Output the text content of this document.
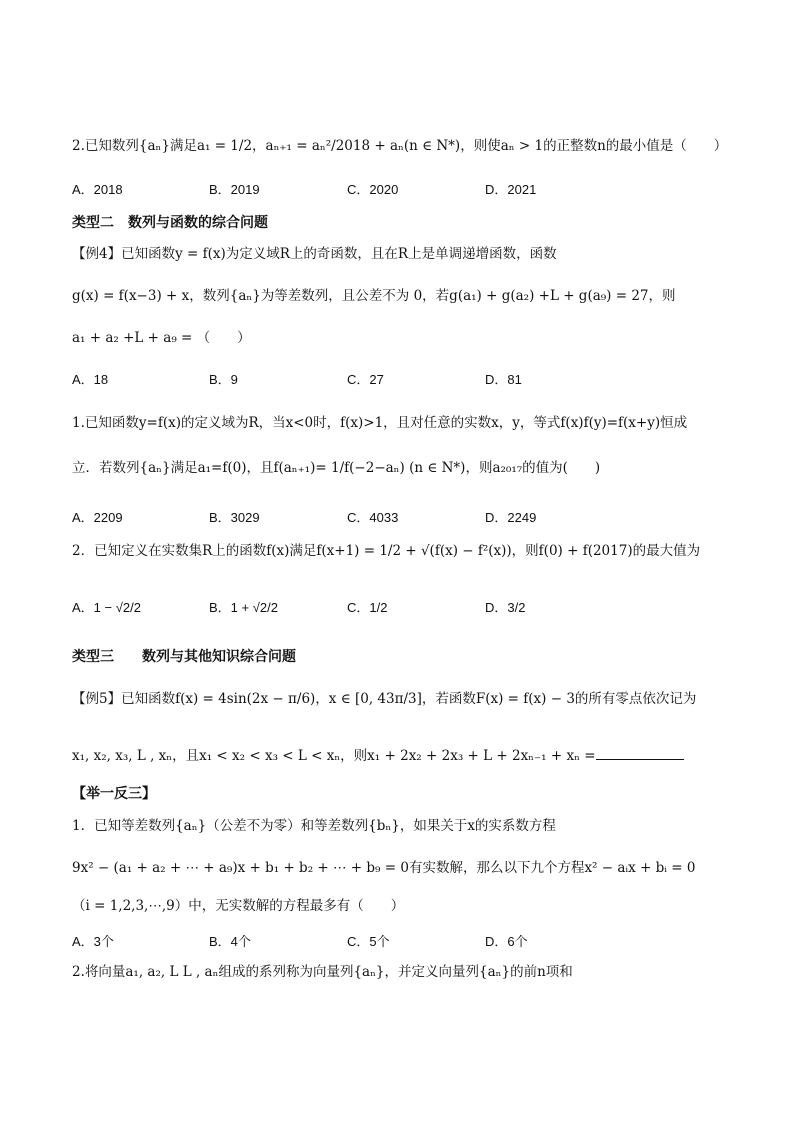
2.已知数列{aₙ}满足a₁ = 1/2，aₙ₊₁ = aₙ²/2018 + aₙ(n ∈ N*)，则使aₙ > 1的正整数n的最小值是（　　）
A．2018	B．2019	C．2020	D．2021
类型二　数列与函数的综合问题
【例4】已知函数y = f(x)为定义域R上的奇函数，且在R上是单调递增函数，函数
g(x) = f(x−3) + x，数列{aₙ}为等差数列，且公差不为 0，若g(a₁) + g(a₂) +L + g(a₉) = 27，则
a₁ + a₂ +L + a₉ = （　　）
A．18	B．9	C．27	D．81
1.已知函数y=f(x)的定义域为R，当x<0时，f(x)>1，且对任意的实数x，y，等式f(x)f(y)=f(x+y)恒成
立．若数列{aₙ}满足a₁=f(0)，且f(aₙ₊₁)= 1/f(−2−aₙ) (n ∈ N*)，则a₂₀₁₇的值为(　　)
A．2209	B．3029	C．4033	D．2249
2．已知定义在实数集R上的函数f(x)满足f(x+1) = 1/2 + √(f(x) − f²(x))，则f(0) + f(2017)的最大值为
A．1 − √2/2	B．1 + √2/2	C．1/2	D．3/2
类型三　　数列与其他知识综合问题
【例5】已知函数f(x) = 4sin(2x − π/6)，x ∈ [0, 43π/3]，若函数F(x) = f(x) − 3的所有零点依次记为
x₁, x₂, x₃, L , xₙ，且x₁ < x₂ < x₃ < L < xₙ，则x₁ + 2x₂ + 2x₃ + L + 2xₙ₋₁ + xₙ =
【举一反三】
1．已知等差数列{aₙ}（公差不为零）和等差数列{bₙ}，如果关于x的实系数方程
9x² − (a₁ + a₂ + ⋯ + a₉)x + b₁ + b₂ + ⋯ + b₉ = 0有实数解，那么以下九个方程x² − aᵢx + bᵢ = 0
（i = 1,2,3,⋯,9）中，无实数解的方程最多有（　　）
A．3个	B．4个	C．5个	D．6个
2.将向量a₁, a₂, L L , aₙ组成的系列称为向量列{aₙ}，并定义向量列{aₙ}的前n项和
